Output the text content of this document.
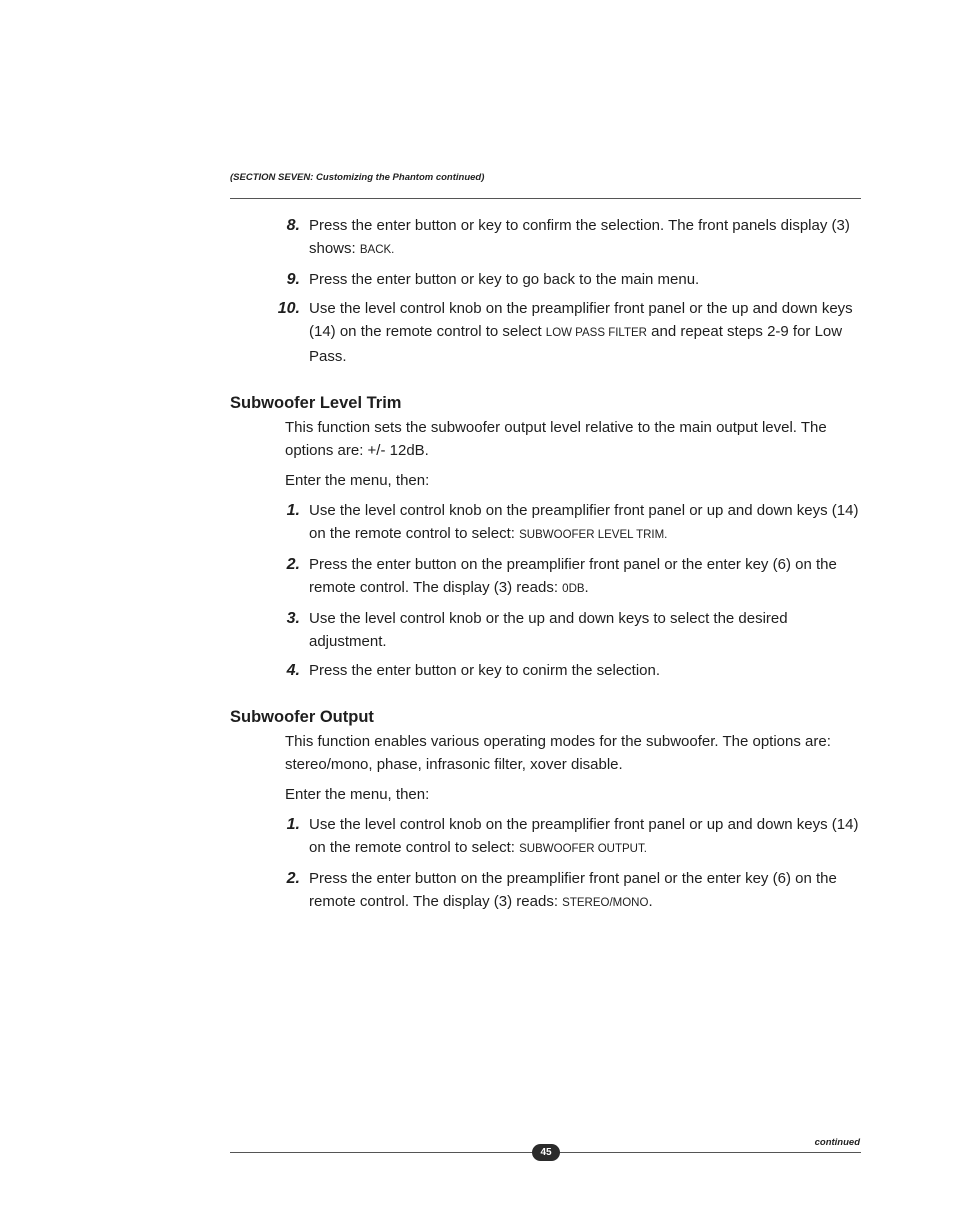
(SECTION SEVEN: Customizing the Phantom continued)
8. Press the enter button or key to confirm the selection. The front panels display (3) shows: BACK.
9. Press the enter button or key to go back to the main menu.
10. Use the level control knob on the preamplifier front panel or the up and down keys (14) on the remote control to select LOW PASS FILTER and repeat steps 2-9 for Low Pass.
Subwoofer Level Trim
This function sets the subwoofer output level relative to the main output level. The options are: +/- 12dB.
Enter the menu, then:
1. Use the level control knob on the preamplifier front panel or up and down keys (14) on the remote control to select: SUBWOOFER LEVEL TRIM.
2. Press the enter button on the preamplifier front panel or the enter key (6) on the remote control. The display (3) reads: 0DB.
3. Use the level control knob or the up and down keys to select the desired adjustment.
4. Press the enter button or key to conirm the selection.
Subwoofer Output
This function enables various operating modes for the subwoofer. The options are: stereo/mono, phase, infrasonic filter, xover disable.
Enter the menu, then:
1. Use the level control knob on the preamplifier front panel or up and down keys (14) on the remote control to select: SUBWOOFER OUTPUT.
2. Press the enter button on the preamplifier front panel or the enter key (6) on the remote control. The display (3) reads: STEREO/MONO.
continued
45
